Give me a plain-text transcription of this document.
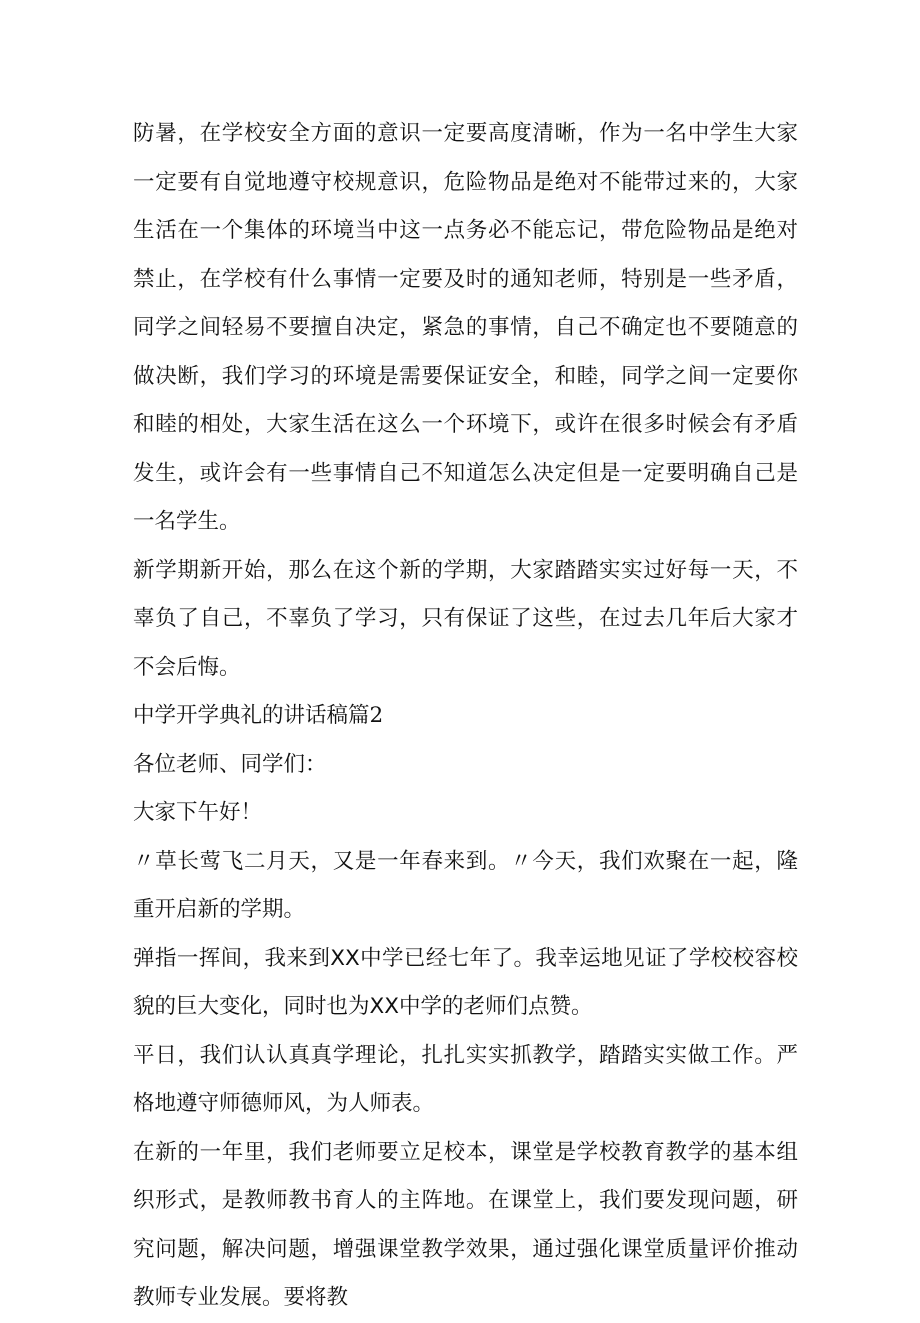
防暑，在学校安全方面的意识一定要高度清晰，作为一名中学生大家一定要有自觉地遵守校规意识，危险物品是绝对不能带过来的，大家生活在一个集体的环境当中这一点务必不能忘记，带危险物品是绝对禁止，在学校有什么事情一定要及时的通知老师，特别是一些矛盾，同学之间轻易不要擅自决定，紧急的事情，自己不确定也不要随意的做决断，我们学习的环境是需要保证安全，和睦，同学之间一定要你和睦的相处，大家生活在这么一个环境下，或许在很多时候会有矛盾发生，或许会有一些事情自己不知道怎么决定但是一定要明确自己是一名学生。

新学期新开始，那么在这个新的学期，大家踏踏实实过好每一天，不辜负了自己，不辜负了学习，只有保证了这些，在过去几年后大家才不会后悔。

中学开学典礼的讲话稿篇2

各位老师、同学们：

大家下午好！

〃草长莺飞二月天，又是一年春来到。〃今天，我们欢聚在一起，隆重开启新的学期。

弹指一挥间，我来到XX中学已经七年了。我幸运地见证了学校校容校貌的巨大变化，同时也为XX中学的老师们点赞。

平日，我们认认真真学理论，扎扎实实抓教学，踏踏实实做工作。严格地遵守师德师风，为人师表。

在新的一年里，我们老师要立足校本，课堂是学校教育教学的基本组织形式，是教师教书育人的主阵地。在课堂上，我们要发现问题，研究问题，解决问题，增强课堂教学效果，通过强化课堂质量评价推动教师专业发展。要将教
